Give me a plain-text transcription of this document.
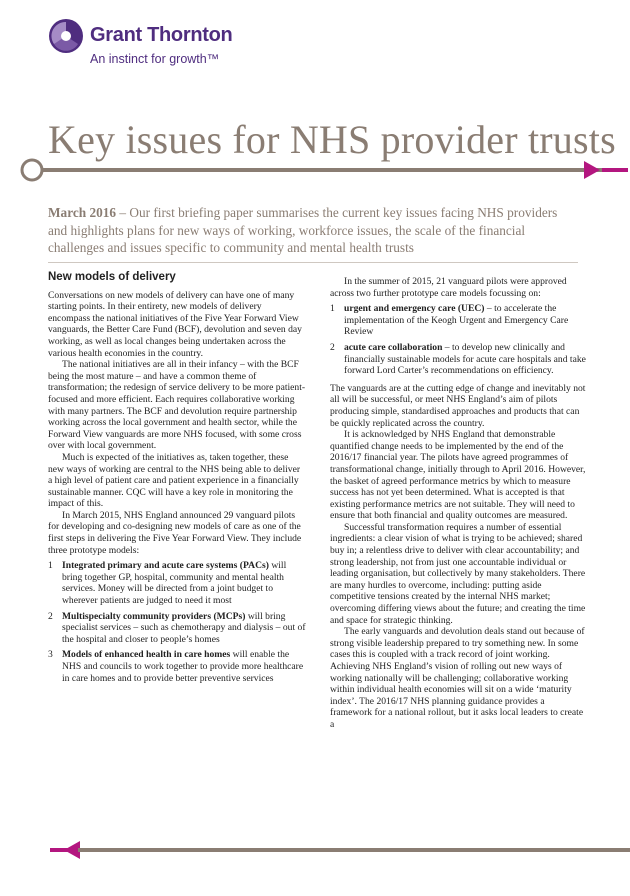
Grant Thornton
An instinct for growth™
Key issues for NHS provider trusts
March 2016 – Our first briefing paper summarises the current key issues facing NHS providers and highlights plans for new ways of working, workforce issues, the scale of the financial challenges and issues specific to community and mental health trusts
New models of delivery

Conversations on new models of delivery can have one of many starting points. In their entirety, new models of delivery encompass the national initiatives of the Five Year Forward View vanguards, the Better Care Fund (BCF), devolution and seven day working, as well as local changes being undertaken across the various health economies in the country.

The national initiatives are all in their infancy – with the BCF being the most mature – and have a common theme of transformation; the redesign of service delivery to be more patient-focused and more efficient. Each requires collaborative working with many partners. The BCF and devolution require partnership working across the local government and health sector, while the Forward View vanguards are more NHS focused, with some cross over with local government.

Much is expected of the initiatives as, taken together, these new ways of working are central to the NHS being able to deliver a high level of patient care and patient experience in a financially sustainable manner. CQC will have a key role in monitoring the impact of this.

In March 2015, NHS England announced 29 vanguard pilots for developing and co-designing new models of care as one of the first steps in delivering the Five Year Forward View. They include three prototype models:

1 Integrated primary and acute care systems (PACs) will bring together GP, hospital, community and mental health services. Money will be directed from a joint budget to wherever patients are judged to need it most
2 Multispecialty community providers (MCPs) will bring specialist services – such as chemotherapy and dialysis – out of the hospital and closer to people’s homes
3 Models of enhanced health in care homes will enable the NHS and councils to work together to provide more healthcare in care homes and to provide better preventive services

In the summer of 2015, 21 vanguard pilots were approved across two further prototype care models focussing on:

1 urgent and emergency care (UEC) – to accelerate the implementation of the Keogh Urgent and Emergency Care Review
2 acute care collaboration – to develop new clinically and financially sustainable models for acute care hospitals and take forward Lord Carter’s recommendations on efficiency.

The vanguards are at the cutting edge of change and inevitably not all will be successful, or meet NHS England’s aim of pilots producing simple, standardised approaches and products that can be quickly replicated across the country.

It is acknowledged by NHS England that demonstrable quantified change needs to be implemented by the end of the 2016/17 financial year. The pilots have agreed programmes of transformational change, initially through to April 2016. However, the basket of agreed performance metrics by which to measure success has not yet been determined. What is accepted is that existing performance metrics are not suitable. They will need to ensure that both financial and quality outcomes are measured.

Successful transformation requires a number of essential ingredients: a clear vision of what is trying to be achieved; shared buy in; a relentless drive to deliver with clear accountability; and strong leadership, not from just one accountable individual or leading organisation, but collectively by many stakeholders. There are many hurdles to overcome, including: putting aside competitive tensions created by the internal NHS market; overcoming differing views about the future; and creating the time and space for strategic thinking.

The early vanguards and devolution deals stand out because of strong visible leadership prepared to try something new. In some cases this is coupled with a track record of joint working. Achieving NHS England’s vision of rolling out new ways of working nationally will be challenging; collaborative working within individual health economies will sit on a wide ‘maturity index’. The 2016/17 NHS planning guidance provides a framework for a national rollout, but it asks local leaders to create a
